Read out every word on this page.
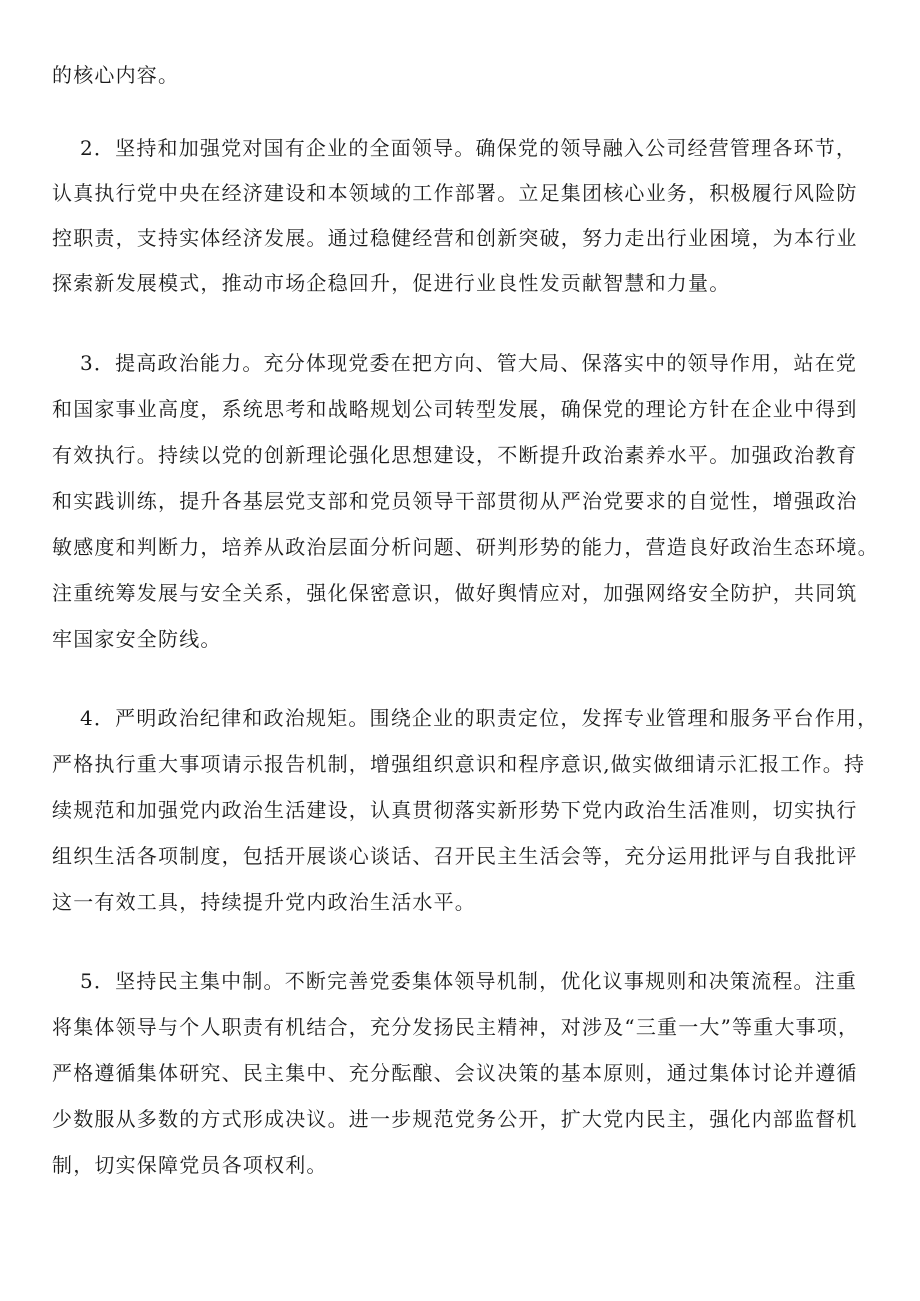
的核心内容。
2．坚持和加强党对国有企业的全面领导。确保党的领导融入公司经营管理各环节，
认真执行党中央在经济建设和本领域的工作部署。立足集团核心业务，积极履行风险防
控职责，支持实体经济发展。通过稳健经营和创新突破，努力走出行业困境，为本行业
探索新发展模式，推动市场企稳回升，促进行业良性发贡献智慧和力量。
3．提高政治能力。充分体现党委在把方向、管大局、保落实中的领导作用，站在党
和国家事业高度，系统思考和战略规划公司转型发展，确保党的理论方针在企业中得到
有效执行。持续以党的创新理论强化思想建设，不断提升政治素养水平。加强政治教育
和实践训练，提升各基层党支部和党员领导干部贯彻从严治党要求的自觉性，增强政治
敏感度和判断力，培养从政治层面分析问题、研判形势的能力，营造良好政治生态环境。
注重统筹发展与安全关系，强化保密意识，做好舆情应对，加强网络安全防护，共同筑
牢国家安全防线。
4．严明政治纪律和政治规矩。围绕企业的职责定位，发挥专业管理和服务平台作用，
严格执行重大事项请示报告机制，增强组织意识和程序意识,做实做细请示汇报工作。持
续规范和加强党内政治生活建设，认真贯彻落实新形势下党内政治生活准则，切实执行
组织生活各项制度，包括开展谈心谈话、召开民主生活会等，充分运用批评与自我批评
这一有效工具，持续提升党内政治生活水平。
5．坚持民主集中制。不断完善党委集体领导机制，优化议事规则和决策流程。注重
将集体领导与个人职责有机结合，充分发扬民主精神，对涉及“三重一大”等重大事项，
严格遵循集体研究、民主集中、充分酝酿、会议决策的基本原则，通过集体讨论并遵循
少数服从多数的方式形成决议。进一步规范党务公开，扩大党内民主，强化内部监督机
制，切实保障党员各项权利。
